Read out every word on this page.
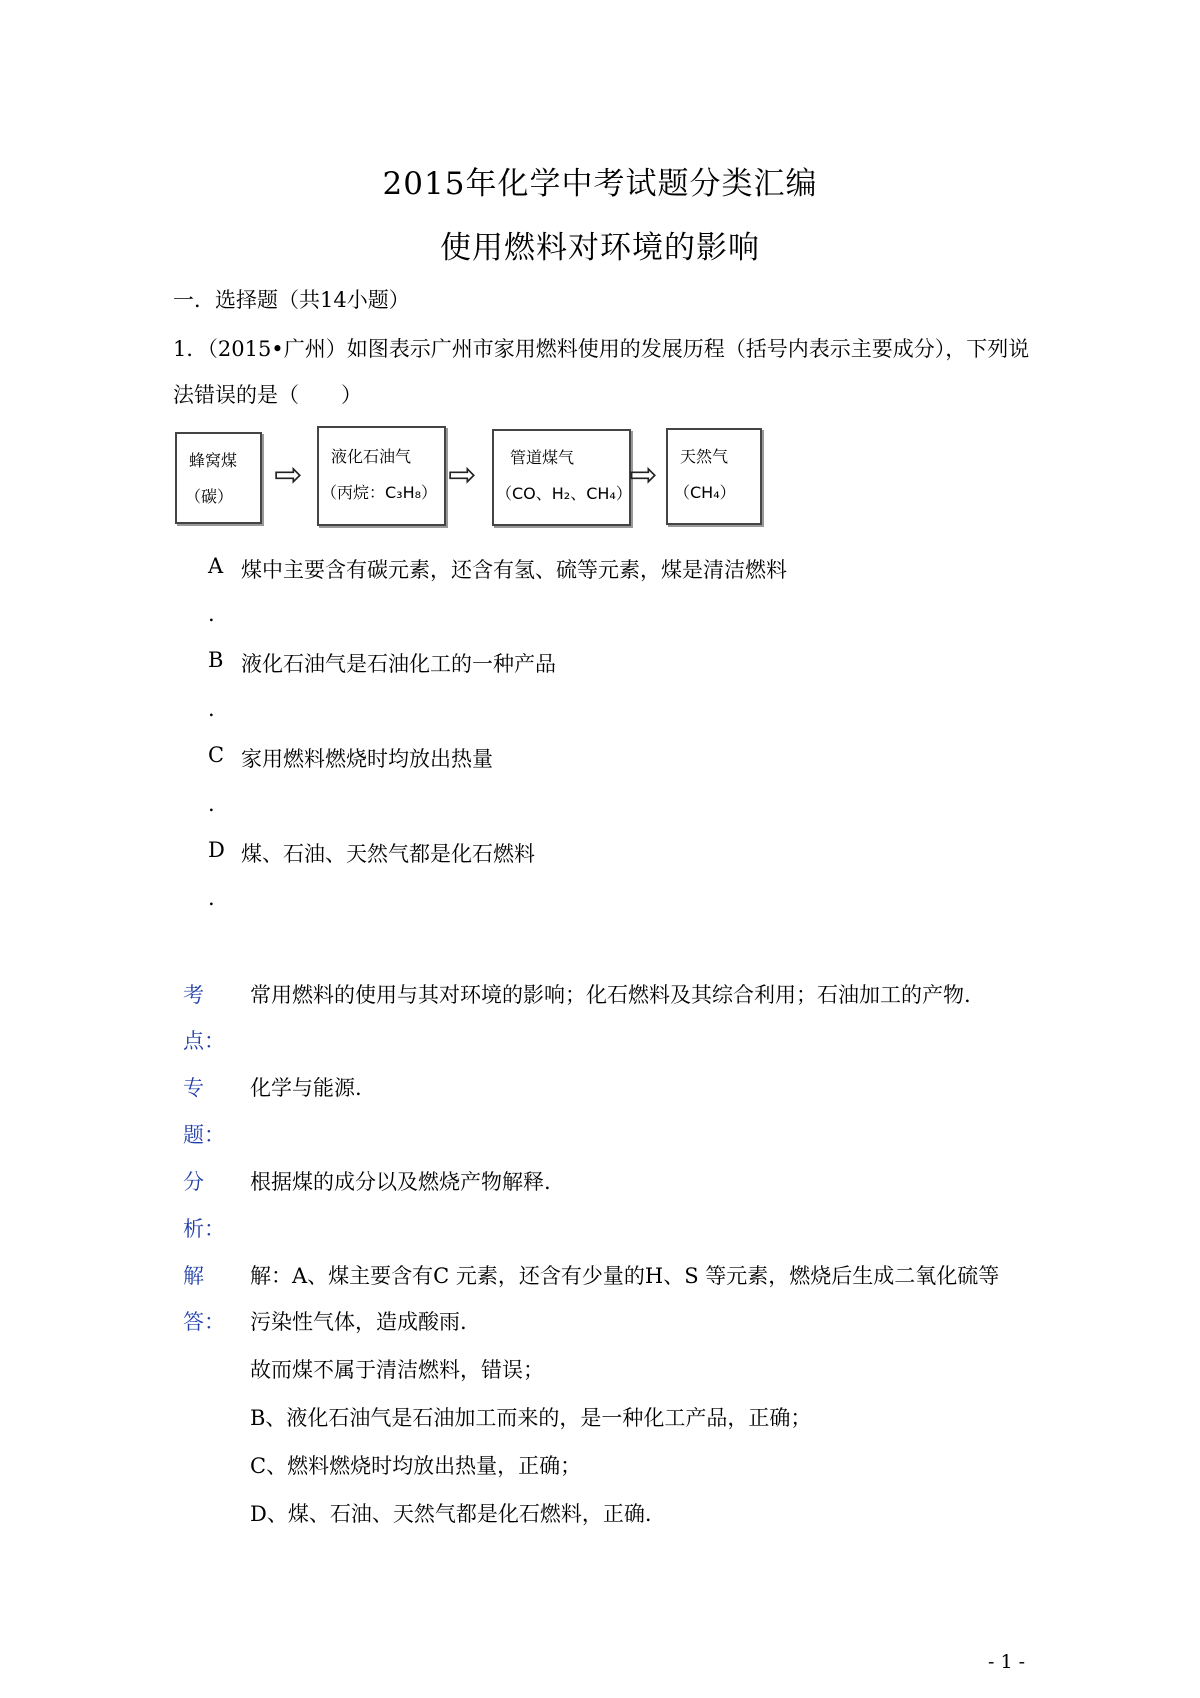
2015年化学中考试题分类汇编
使用燃料对环境的影响
一．选择题（共14小题）
1．（2015•广州）如图表示广州市家用燃料使用的发展历程（括号内表示主要成分），下列说
法错误的是（　　）
蜂窝煤
（碳）
⇨ 液化石油气
（丙烷：C₃H₈） ⇨ 管道煤气
（CO、H₂、CH₄）
⇨ 天然气
（CH₄）
A 煤中主要含有碳元素，还含有氢、硫等元素，煤是清洁燃料
.
B 液化石油气是石油化工的一种产品
.
C 家用燃料燃烧时均放出热量
.
D 煤、石油、天然气都是化石燃料
.
考
点：
常用燃料的使用与其对环境的影响；化石燃料及其综合利用；石油加工的产物.
专
题：
化学与能源.
分
析：
根据煤的成分以及燃烧产物解释.
解
答：
解：A、煤主要含有C 元素，还含有少量的H、S 等元素，燃烧后生成二氧化硫等
污染性气体，造成酸雨.
故而煤不属于清洁燃料，错误；
B、液化石油气是石油加工而来的，是一种化工产品，正确；
C、燃料燃烧时均放出热量，正确；
D、煤、石油、天然气都是化石燃料，正确.
- 1 -
